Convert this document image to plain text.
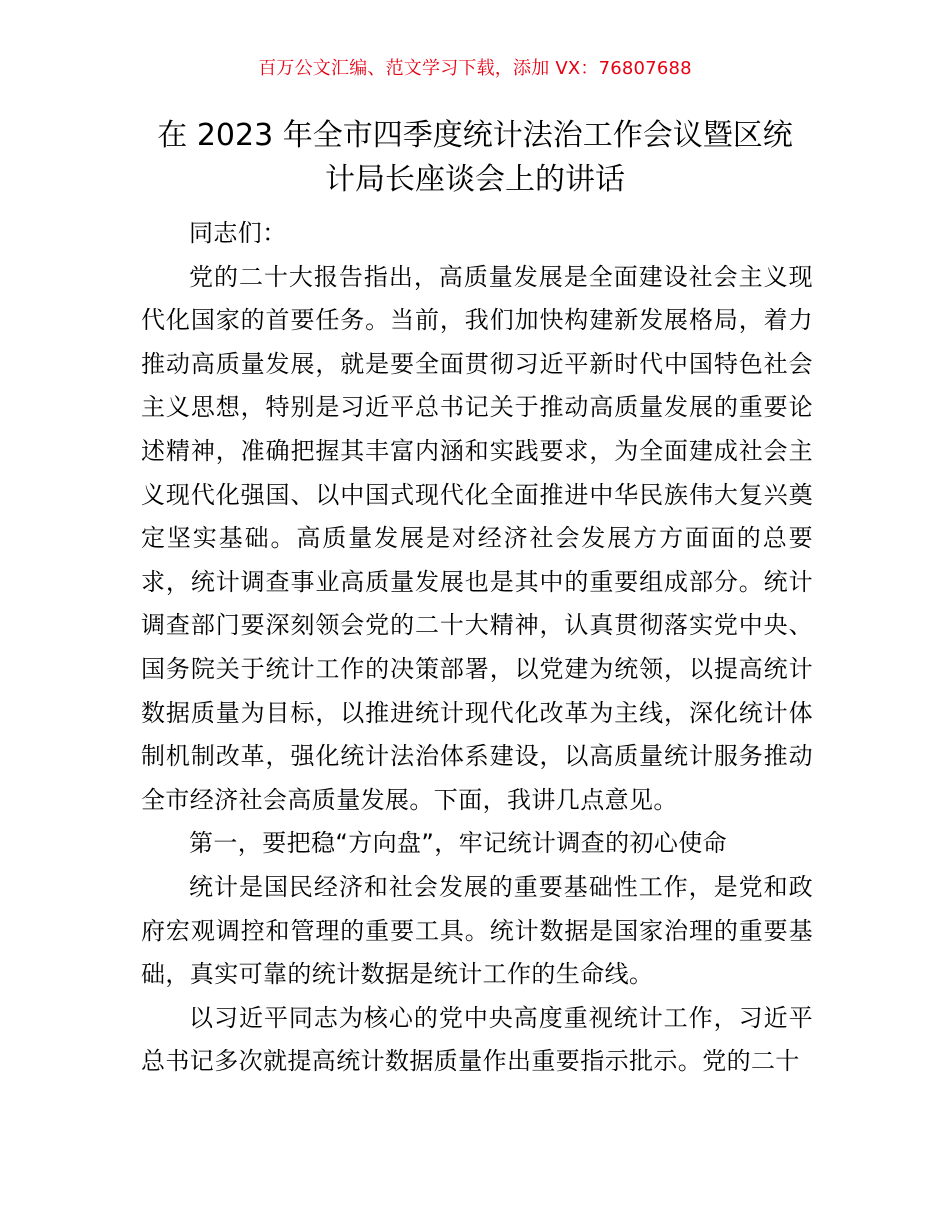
百万公文汇编、范文学习下载，添加 VX：76807688
在 2023 年全市四季度统计法治工作会议暨区统
计局长座谈会上的讲话

同志们：

党的二十大报告指出，高质量发展是全面建设社会主义现代化国家的首要任务。当前，我们加快构建新发展格局，着力推动高质量发展，就是要全面贯彻习近平新时代中国特色社会主义思想，特别是习近平总书记关于推动高质量发展的重要论述精神，准确把握其丰富内涵和实践要求，为全面建成社会主义现代化强国、以中国式现代化全面推进中华民族伟大复兴奠定坚实基础。高质量发展是对经济社会发展方方面面的总要求，统计调查事业高质量发展也是其中的重要组成部分。统计调查部门要深刻领会党的二十大精神，认真贯彻落实党中央、国务院关于统计工作的决策部署，以党建为统领，以提高统计数据质量为目标，以推进统计现代化改革为主线，深化统计体制机制改革，强化统计法治体系建设，以高质量统计服务推动全市经济社会高质量发展。下面，我讲几点意见。

第一，要把稳“方向盘”，牢记统计调查的初心使命

统计是国民经济和社会发展的重要基础性工作，是党和政府宏观调控和管理的重要工具。统计数据是国家治理的重要基础，真实可靠的统计数据是统计工作的生命线。

以习近平同志为核心的党中央高度重视统计工作，习近平总书记多次就提高统计数据质量作出重要指示批示。党的二十
